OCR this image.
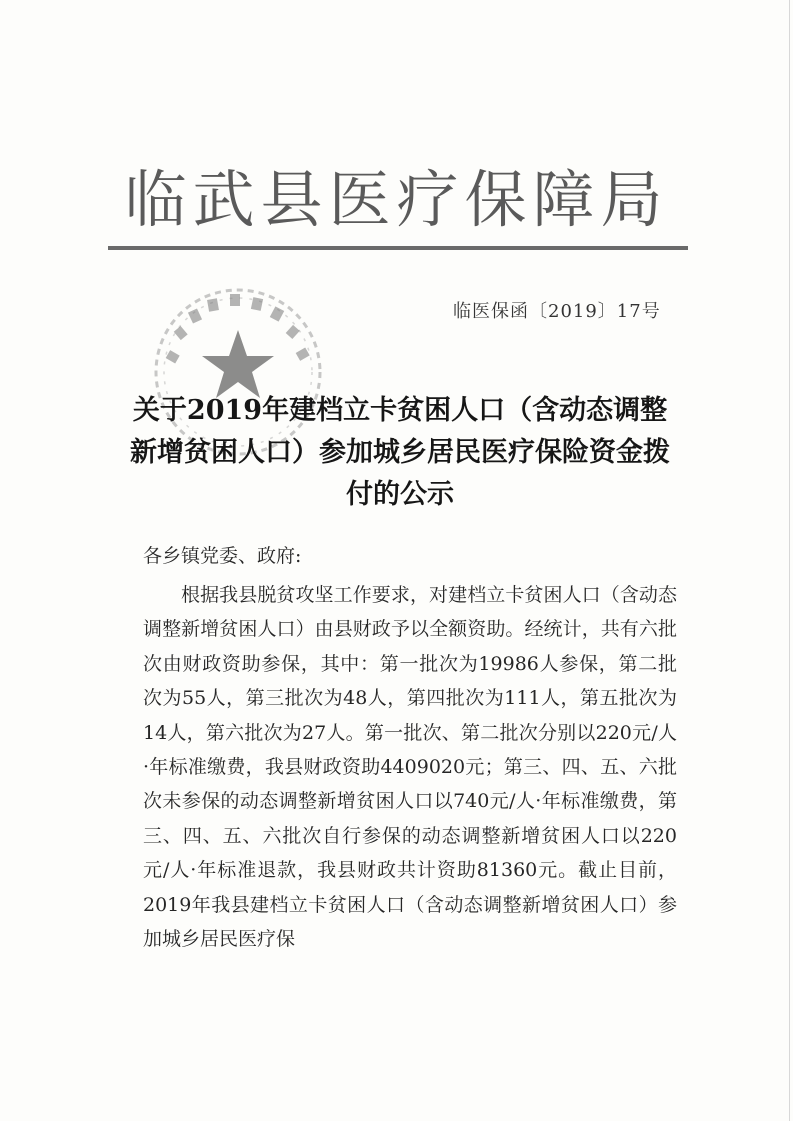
临武县医疗保障局
临医保函〔2019〕17号
关于2019年建档立卡贫困人口（含动态调整新增贫困人口）参加城乡居民医疗保险资金拨付的公示
各乡镇党委、政府:

根据我县脱贫攻坚工作要求，对建档立卡贫困人口（含动态调整新增贫困人口）由县财政予以全额资助。经统计，共有六批次由财政资助参保，其中：第一批次为19986人参保，第二批次为55人，第三批次为48人，第四批次为111人，第五批次为14人，第六批次为27人。第一批次、第二批次分别以220元/人·年标准缴费，我县财政资助4409020元；第三、四、五、六批次未参保的动态调整新增贫困人口以740元/人·年标准缴费，第三、四、五、六批次自行参保的动态调整新增贫困人口以220元/人·年标准退款，我县财政共计资助81360元。截止目前，2019年我县建档立卡贫困人口（含动态调整新增贫困人口）参加城乡居民医疗保
